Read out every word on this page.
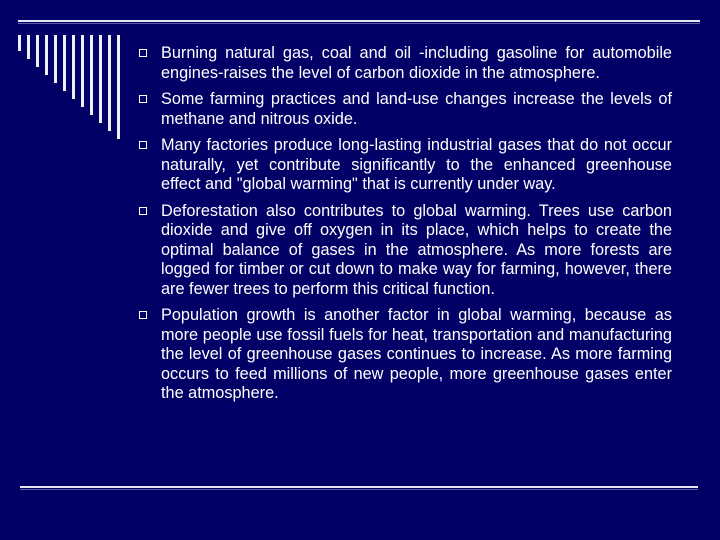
Burning natural gas, coal and oil -including gasoline for automobile engines-raises the level of carbon dioxide in the atmosphere.
Some farming practices and land-use changes increase the levels of methane and nitrous oxide.
Many factories produce long-lasting industrial gases that do not occur naturally, yet contribute significantly to the enhanced greenhouse effect and "global warming" that is currently under way.
Deforestation also contributes to global warming. Trees use carbon dioxide and give off oxygen in its place, which helps to create the optimal balance of gases in the atmosphere. As more forests are logged for timber or cut down to make way for farming, however, there are fewer trees to perform this critical function.
Population growth is another factor in global warming, because as more people use fossil fuels for heat, transportation and manufacturing the level of greenhouse gases continues to increase. As more farming occurs to feed millions of new people, more greenhouse gases enter the atmosphere.
